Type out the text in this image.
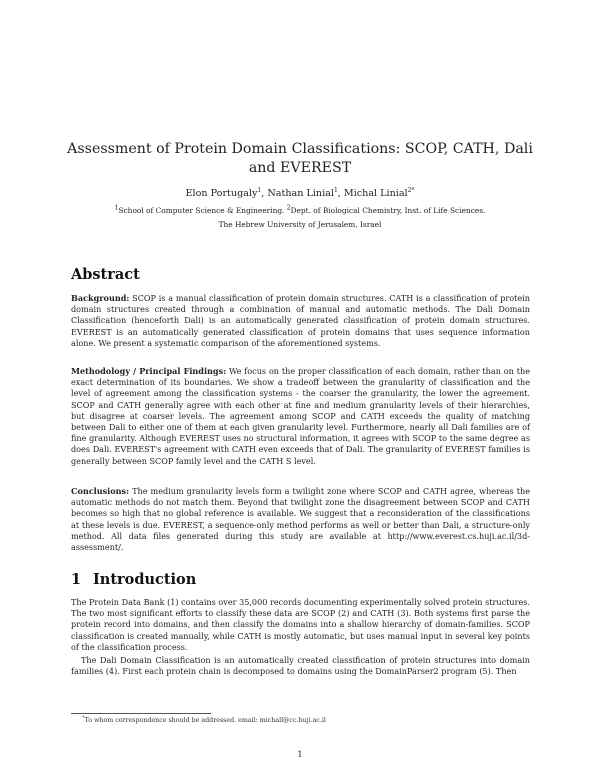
Assessment of Protein Domain Classifications: SCOP, CATH, Dali and EVEREST
Elon Portugaly$^1$, Nathan Linial$^1$, Michal Linial$^{2*}$
$^1$School of Computer Science & Engineering. $^2$Dept. of Biological Chemistry, Inst. of Life Sciences.
The Hebrew University of Jerusalem, Israel
Abstract
Background: SCOP is a manual classification of protein domain structures. CATH is a classification of protein domain structures created through a combination of manual and automatic methods. The Dali Domain Classification (henceforth Dali) is an automatically generated classification of protein domain structures. EVEREST is an automatically generated classification of protein domains that uses sequence information alone. We present a systematic comparison of the aforementioned systems.
Methodology / Principal Findings: We focus on the proper classification of each domain, rather than on the exact determination of its boundaries. We show a tradeoff between the granularity of classification and the level of agreement among the classification systems - the coarser the granularity, the lower the agreement. SCOP and CATH generally agree with each other at fine and medium granularity levels of their hierarchies, but disagree at coarser levels. The agreement among SCOP and CATH exceeds the quality of matching between Dali to either one of them at each given granularity level. Furthermore, nearly all Dali families are of fine granularity. Although EVEREST uses no structural information, it agrees with SCOP to the same degree as does Dali. EVEREST's agreement with CATH even exceeds that of Dali. The granularity of EVEREST families is generally between SCOP family level and the CATH S level.
Conclusions: The medium granularity levels form a twilight zone where SCOP and CATH agree, whereas the automatic methods do not match them. Beyond that twilight zone the disagreement between SCOP and CATH becomes so high that no global reference is available. We suggest that a reconsideration of the classifications at these levels is due. EVEREST, a sequence-only method performs as well or better than Dali, a structure-only method. All data files generated during this study are available at http://www.everest.cs.huji.ac.il/3d-assessment/.
1 Introduction
The Protein Data Bank (1) contains over 35,000 records documenting experimentally solved protein structures. The two most significant efforts to classify these data are SCOP (2) and CATH (3). Both systems first parse the protein record into domains, and then classify the domains into a shallow hierarchy of domain-families. SCOP classification is created manually, while CATH is mostly automatic, but uses manual input in several key points of the classification process.
The Dali Domain Classification is an automatically created classification of protein structures into domain families (4). First each protein chain is decomposed to domains using the DomainParser2 program (5). Then
*To whom correspondence should be addressed. email: michall@cc.huji.ac.il
1
